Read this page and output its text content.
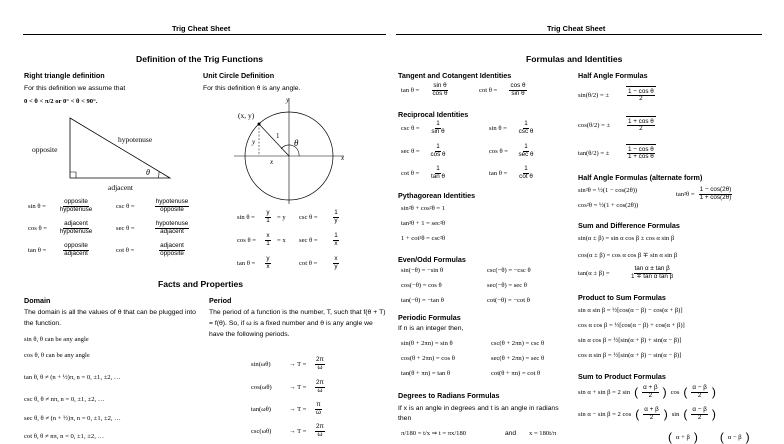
Trig Cheat Sheet	Trig Cheat Sheet
Definition of the Trig Functions
Right triangle definition
For this definition we assume that
0 < θ < π/2 or 0° < θ < 90°.
opposite
hypotenuse
adjacent
θ
$\sin \theta = \frac{\text{opposite}}{\text{hypotenuse}}$ csc θ =	$\frac{\text{hypotenuse}}{\text{opposite}}$
$\cos \theta = \frac{\text{adjacent}}{\text{hypotenuse}}$ sec θ =	$\frac{\text{hypotenuse}}{\text{adjacent}}$
$\tan \theta = \frac{\text{opposite}}{\text{adjacent}}$ cot θ =	$\frac{\text{adjacent}}{\text{opposite}}$
Unit Circle Definition
For this definition θ is any angle.
(x, y)
y
x
1
θ
x
y
sin θ =	$\frac{y}{1} = y$	csc θ =	$\frac{1}{y}$
cos θ =	$\frac{x}{1} = x$	sec θ =	$\frac{1}{x}$
tan θ =	$\frac{y}{x}$	cot θ =	$\frac{x}{y}$
Facts and Properties
Domain
The domain is all the values of θ that can be plugged into the function.
sin θ, θ can be any angle
cos θ, θ can be any angle
tan θ, θ ≠ (n + ½)π, n = 0, ±1, ±2, …
csc θ, θ ≠ nπ, n = 0, ±1, ±2, …
sec θ, θ ≠ (n + ½)π, n = 0, ±1, ±2, …
cot θ, θ ≠ nπ, n = 0, ±1, ±2, …
Period
The period of a function is the number, T, such that f(θ + T) = f(θ). So, if ω is a fixed number and θ is any angle we have the following periods.
sin(ωθ)	→ T =	$\frac{2\pi}{\omega}$
cos(ωθ)	→ T =	$\frac{2\pi}{\omega}$
tan(ωθ)	→ T =	$\frac{\pi}{\omega}$
csc(ωθ)	→ T =	$\frac{2\pi}{\omega}$
Formulas and Identities
Tangent and Cotangent Identities
tan θ =	$\frac{\text{sin θ}}{\text{cos θ}}$	cot θ =	$\frac{\text{cos θ}}{\text{sin θ}}$
Reciprocal Identities
csc θ =	$\frac{1}{\text{sin θ}}$	sin θ =	$\frac{1}{\text{csc θ}}$
sec θ =	$\frac{1}{\text{cos θ}}$	cos θ =	$\frac{1}{\text{sec θ}}$
cot θ =	$\frac{1}{\text{tan θ}}$	tan θ =	$\frac{1}{\text{cot θ}}$
Pythagorean Identities
sin²θ + cos²θ = 1
tan²θ + 1 = sec²θ
1 + cot²θ = csc²θ
Even/Odd Formulas
sin(−θ) = −sin θ	csc(−θ) = −csc θ
cos(−θ) = cos θ	sec(−θ) = sec θ
tan(−θ) = −tan θ	cot(−θ) = −cot θ
Periodic Formulas
If n is an integer then,
sin(θ + 2πn) = sin θ	csc(θ + 2πn) = csc θ
cos(θ + 2πn) = cos θ	sec(θ + 2πn) = sec θ
tan(θ + πn) = tan θ	cot(θ + πn) = cot θ
Degrees to Radians Formulas
If x is an angle in degrees and t is an angle in radians then
π/180 = t/x ⇒ t = πx/180	and x = 180t/π
Half Angle Formulas
sin(θ/2) = ±	$\frac{\text{1 − cos θ}}{2}$
cos(θ/2) = ±	$\frac{\text{1 + cos θ}}{2}$
tan(θ/2) = ±	$\frac{\text{1 − cos θ}}{\text{1 + cos θ}}$
Half Angle Formulas (alternate form)
sin²θ = ½(1 − cos(2θ))
cos²θ = ½(1 + cos(2θ))
$\tan^2\theta = \frac{1 - \cos(2\theta)}{1 + \cos(2\theta)}$
Sum and Difference Formulas
sin(α ± β) = sin α cos β ± cos α sin β
cos(α ± β) = cos α cos β ∓ sin α sin β
tan(α ± β) =	$\frac{\text{tan α ± tan β}}{\text{1 ∓ tan α tan β}}$
Product to Sum Formulas
sin α sin β = ½[cos(α − β) − cos(α + β)]
cos α cos β = ½[cos(α − β) + cos(α + β)]
sin α cos β = ½[sin(α + β) + sin(α − β)]
cos α sin β = ½[sin(α + β) − sin(α − β)]
Sum to Product Formulas
sin α + sin β = 2 sin ( $\frac{\alpha + \beta}{2}$ ) cos ( $\frac{\alpha - \beta}{2}$ )
sin α − sin β = 2 cos ( $\frac{\alpha + \beta}{2}$ ) sin ( $\frac{\alpha - \beta}{2}$ )
( α + β ) ( α − β )
